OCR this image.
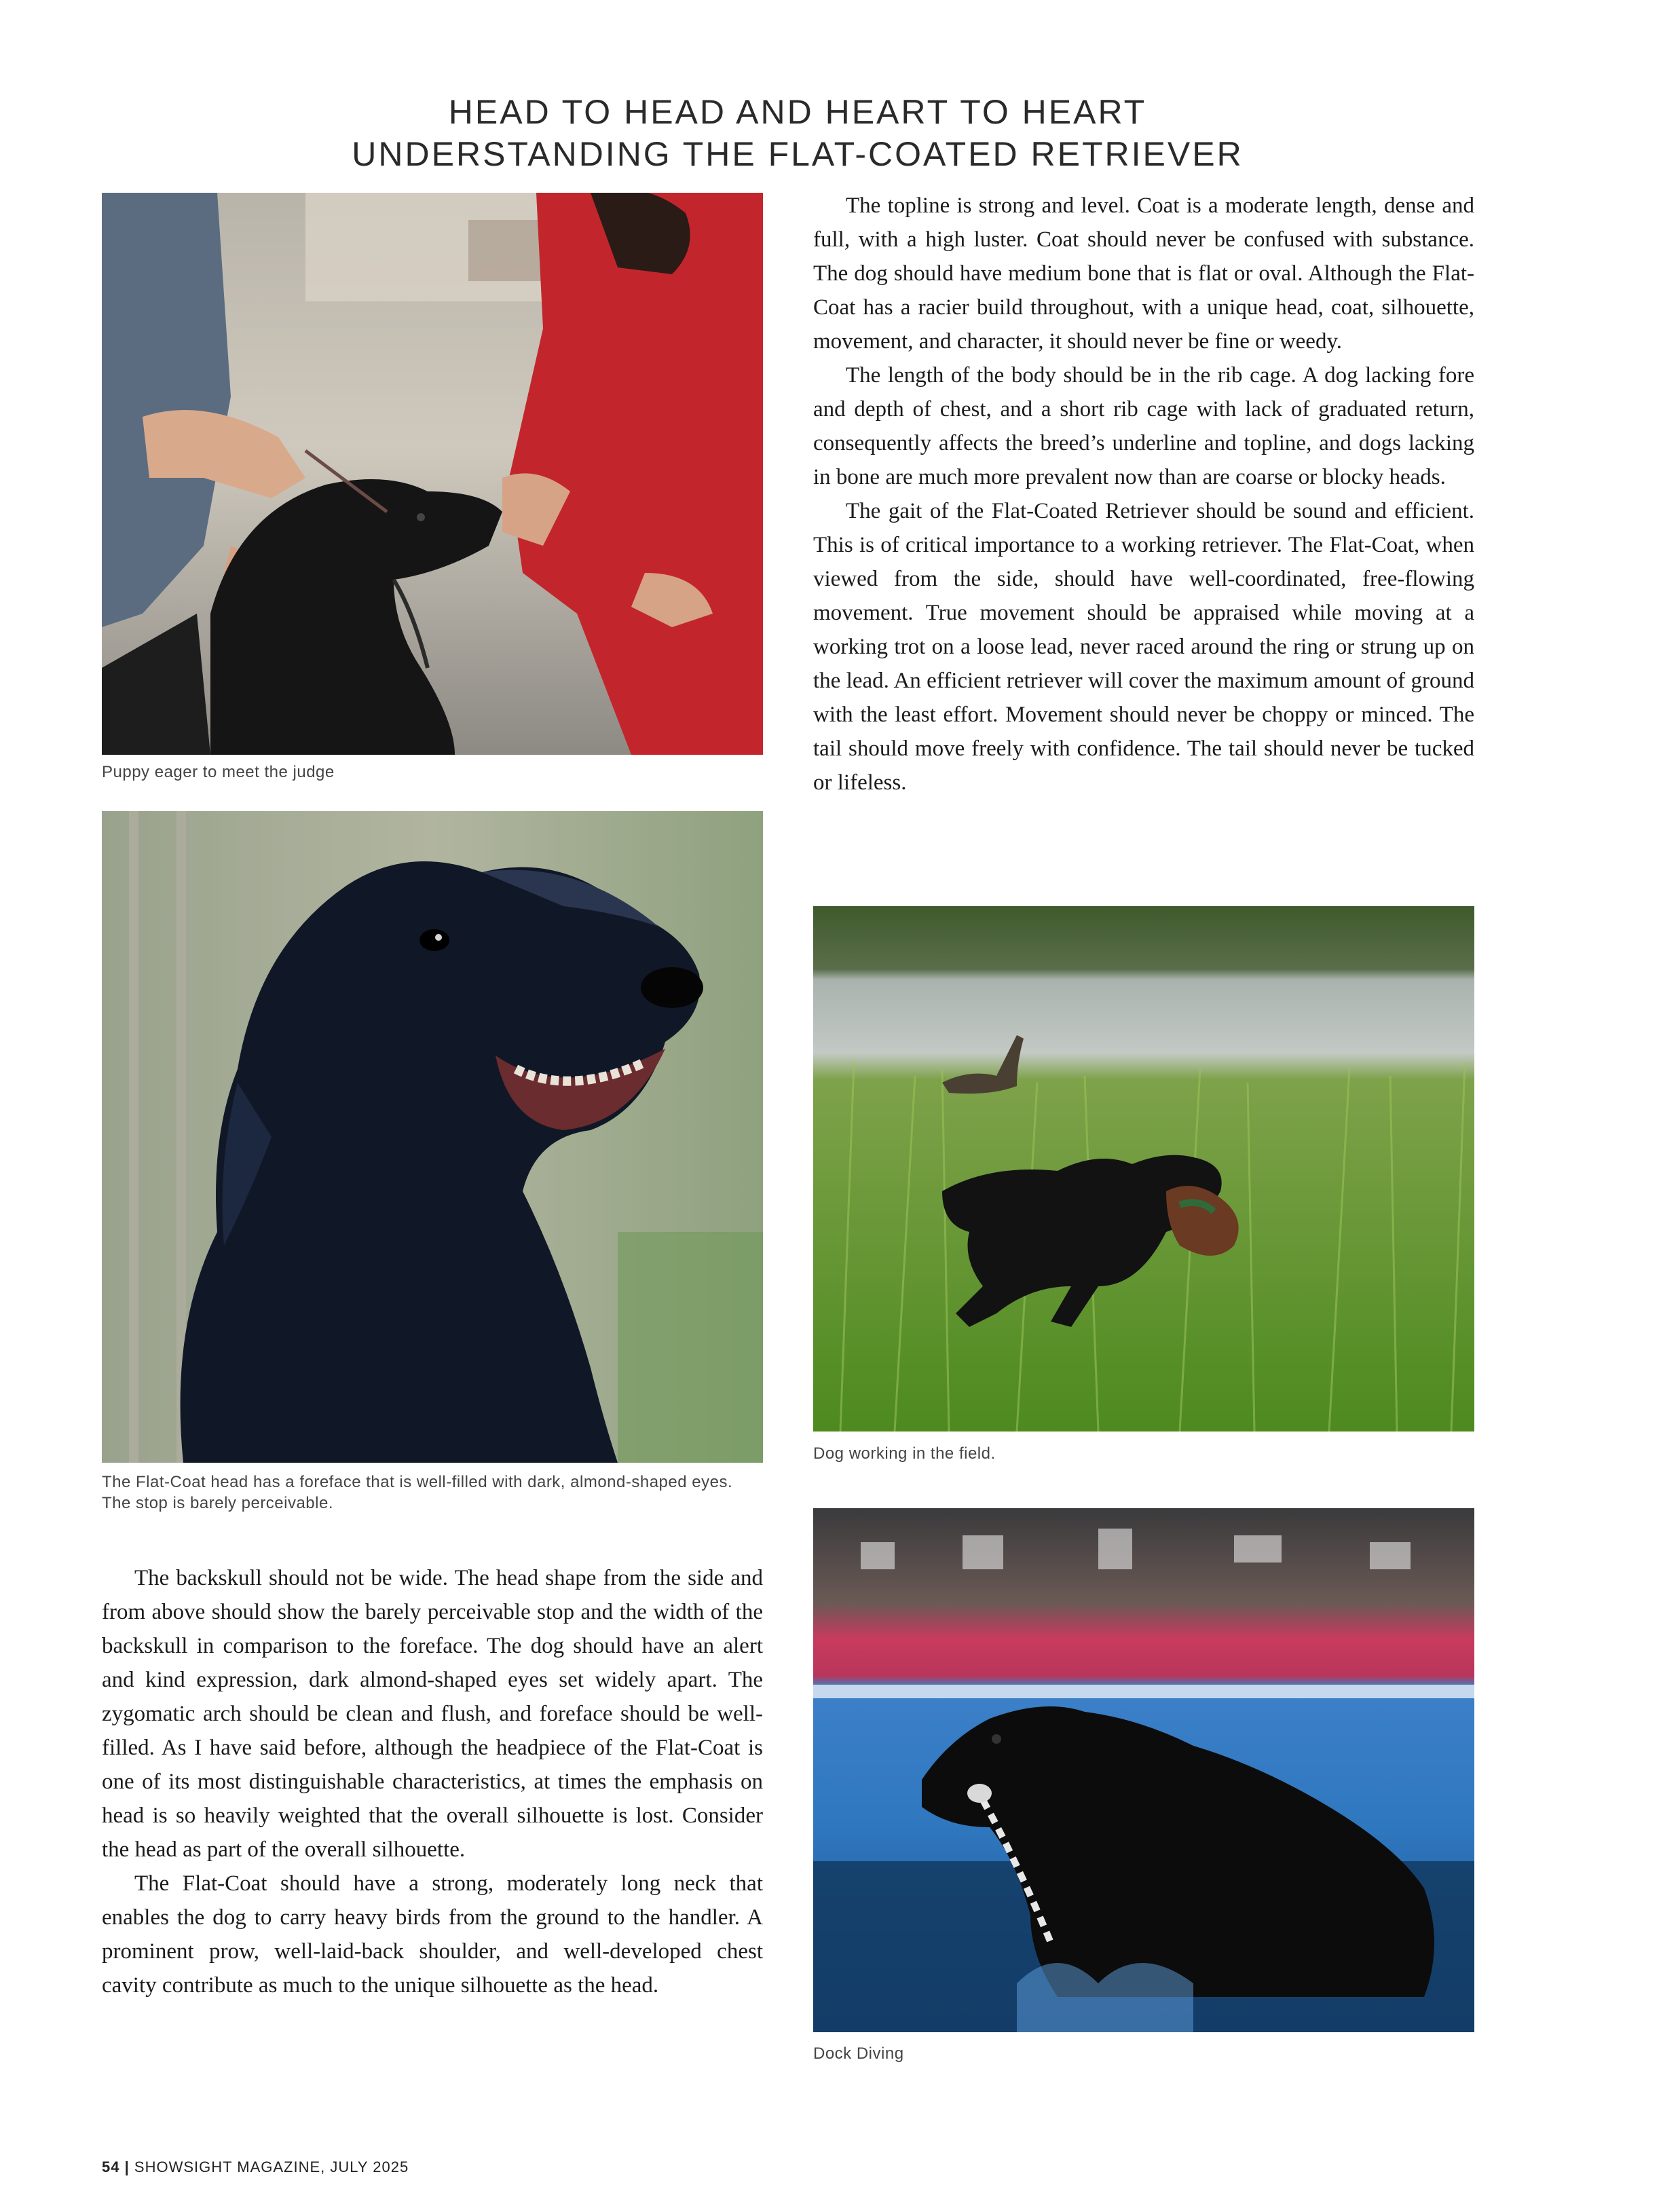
HEAD TO HEAD AND HEART TO HEART
UNDERSTANDING THE FLAT-COATED RETRIEVER
Puppy eager to meet the judge
The Flat-Coat head has a foreface that is well-filled with dark, almond-shaped eyes. The stop is barely perceivable.

The backskull should not be wide. The head shape from the side and from above should show the barely perceivable stop and the width of the backskull in comparison to the foreface. The dog should have an alert and kind expression, dark almond-shaped eyes set widely apart. The zygomatic arch should be clean and flush, and foreface should be well-filled. As I have said before, although the headpiece of the Flat-Coat is one of its most distinguishable characteristics, at times the emphasis on head is so heavily weighted that the overall silhouette is lost. Consider the head as part of the overall silhouette.

The Flat-Coat should have a strong, moderately long neck that enables the dog to carry heavy birds from the ground to the handler. A prominent prow, well-laid-back shoulder, and well-developed chest cavity contribute as much to the unique silhouette as the head.

The topline is strong and level. Coat is a moderate length, dense and full, with a high luster. Coat should never be confused with substance. The dog should have medium bone that is flat or oval. Although the Flat-Coat has a racier build throughout, with a unique head, coat, silhouette, movement, and character, it should never be fine or weedy.

The length of the body should be in the rib cage. A dog lacking fore and depth of chest, and a short rib cage with lack of graduated return, consequently affects the breed’s underline and topline, and dogs lacking in bone are much more prevalent now than are coarse or blocky heads.

The gait of the Flat-Coated Retriever should be sound and efficient. This is of critical importance to a working retriever. The Flat-Coat, when viewed from the side, should have well-coordinated, free-flowing movement. True movement should be appraised while moving at a working trot on a loose lead, never raced around the ring or strung up on the lead. An efficient retriever will cover the maximum amount of ground with the least effort. Movement should never be choppy or minced. The tail should move freely with confidence. The tail should never be tucked or lifeless.

Dog working in the field.
Dock Diving
54 | SHOWSIGHT MAGAZINE, JULY 2025
